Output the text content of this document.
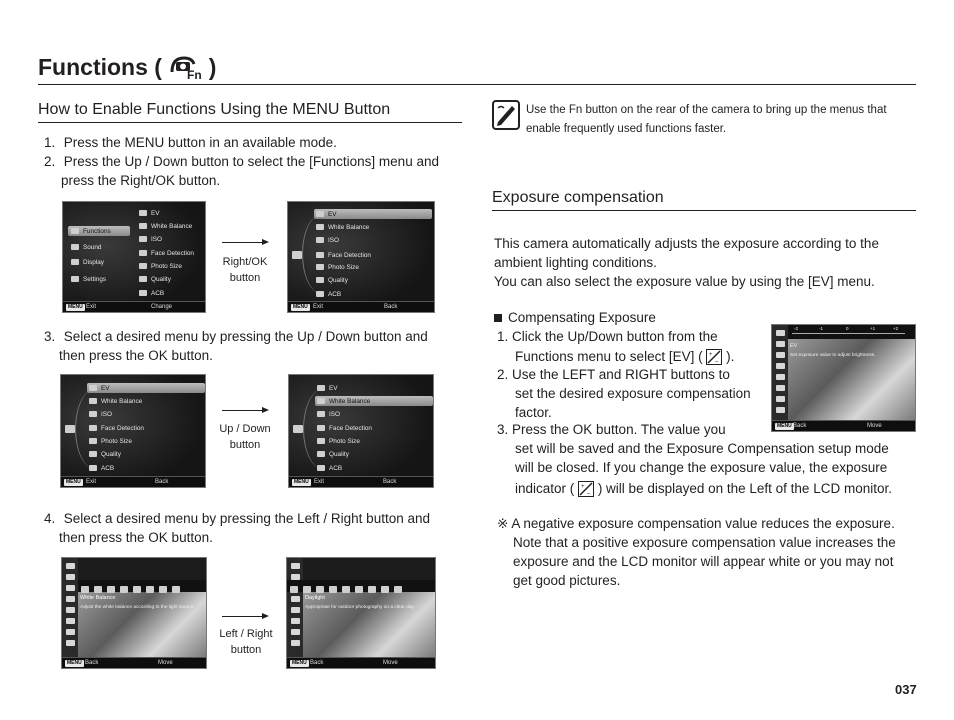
Functions ( Fn )
How to Enable Functions Using the MENU Button
1. Press the MENU button in an available mode.
2. Press the Up / Down button to select the [Functions] menu and
press the Right/OK button.
Functions
Sound
Display
Settings
EV
White Balance
ISO
Face Detection
Photo Size
Quality
ACB
MENU Exit	Change
Right/OK
button
EV
White Balance
ISO
Face Detection
Photo Size
Quality
ACB
MENU Exit	Back
3. Select a desired menu by pressing the Up / Down button and
then press the OK button.
EV
White Balance
ISO
Face Detection
Photo Size
Quality
ACB
MENU Exit	Back
Up / Down
button
EV
White Balance
ISO
Face Detection
Photo Size
Quality
ACB
MENU Exit	Back
4. Select a desired menu by pressing the Left / Right button and
then press the OK button.
White Balance
Adjust the white balance according to the light source.
MENU Back	Move
Left / Right
button
Daylight
Appropriate for outdoor photography on a clear day.
MENU Back	Move
Use the Fn button on the rear of the camera to bring up the menus that enable frequently used functions faster.
Exposure compensation
This camera automatically adjusts the exposure according to the
ambient lighting conditions.
You can also select the exposure value by using the [EV] menu.
Compensating Exposure
1. Click the Up/Down button from the
Functions menu to select [EV] ( +
– ).
2. Use the LEFT and RIGHT buttons to
set the desired exposure compensation
factor.
3. Press the OK button. The value you
set will be saved and the Exposure Compensation setup mode
will be closed. If you change the exposure value, the exposure
indicator ( +
– ) will be displayed on the Left of the LCD monitor.
-2	-1	0	+1	+2
EV
Set exposure value to adjust brightness.
MENU Back	Move
※ A negative exposure compensation value reduces the exposure.
Note that a positive exposure compensation value increases the
exposure and the LCD monitor will appear white or you may not
get good pictures.
037
